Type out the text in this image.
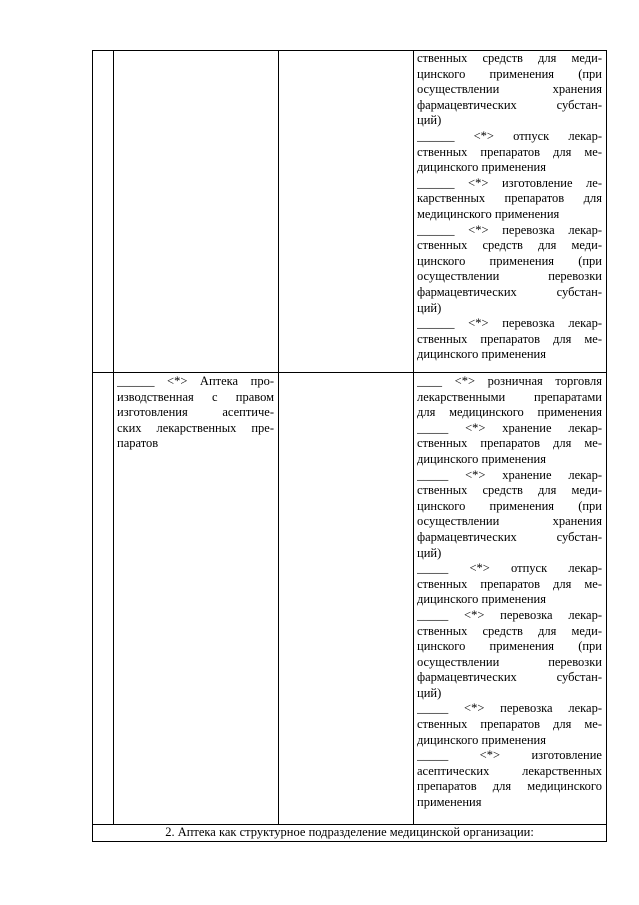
ственных средств для меди-
цинского применения (при
осуществлении хранения
фармацевтических субстан-
ций)
______ <*> отпуск лекар-
ственных препаратов для ме-
дицинского применения
______ <*> изготовление ле-
карственных препаратов для
медицинского применения
______ <*> перевозка лекар-
ственных средств для меди-
цинского применения (при
осуществлении перевозки
фармацевтических субстан-
ций)
______ <*> перевозка лекар-
ственных препаратов для ме-
дицинского применения
______ <*> Аптека про-
изводственная с правом
изготовления асептиче-
ских лекарственных пре-
паратов
____ <*> розничная торговля
лекарственными препаратами
для медицинского применения
_____ <*> хранение лекар-
ственных препаратов для ме-
дицинского применения
_____ <*> хранение лекар-
ственных средств для меди-
цинского применения (при
осуществлении хранения
фармацевтических субстан-
ций)
_____ <*> отпуск лекар-
ственных препаратов для ме-
дицинского применения
_____ <*> перевозка лекар-
ственных средств для меди-
цинского применения (при
осуществлении перевозки
фармацевтических субстан-
ций)
_____ <*> перевозка лекар-
ственных препаратов для ме-
дицинского применения
_____ <*> изготовление
асептических лекарственных
препаратов для медицинского
применения
2. Аптека как структурное подразделение медицинской организации:
